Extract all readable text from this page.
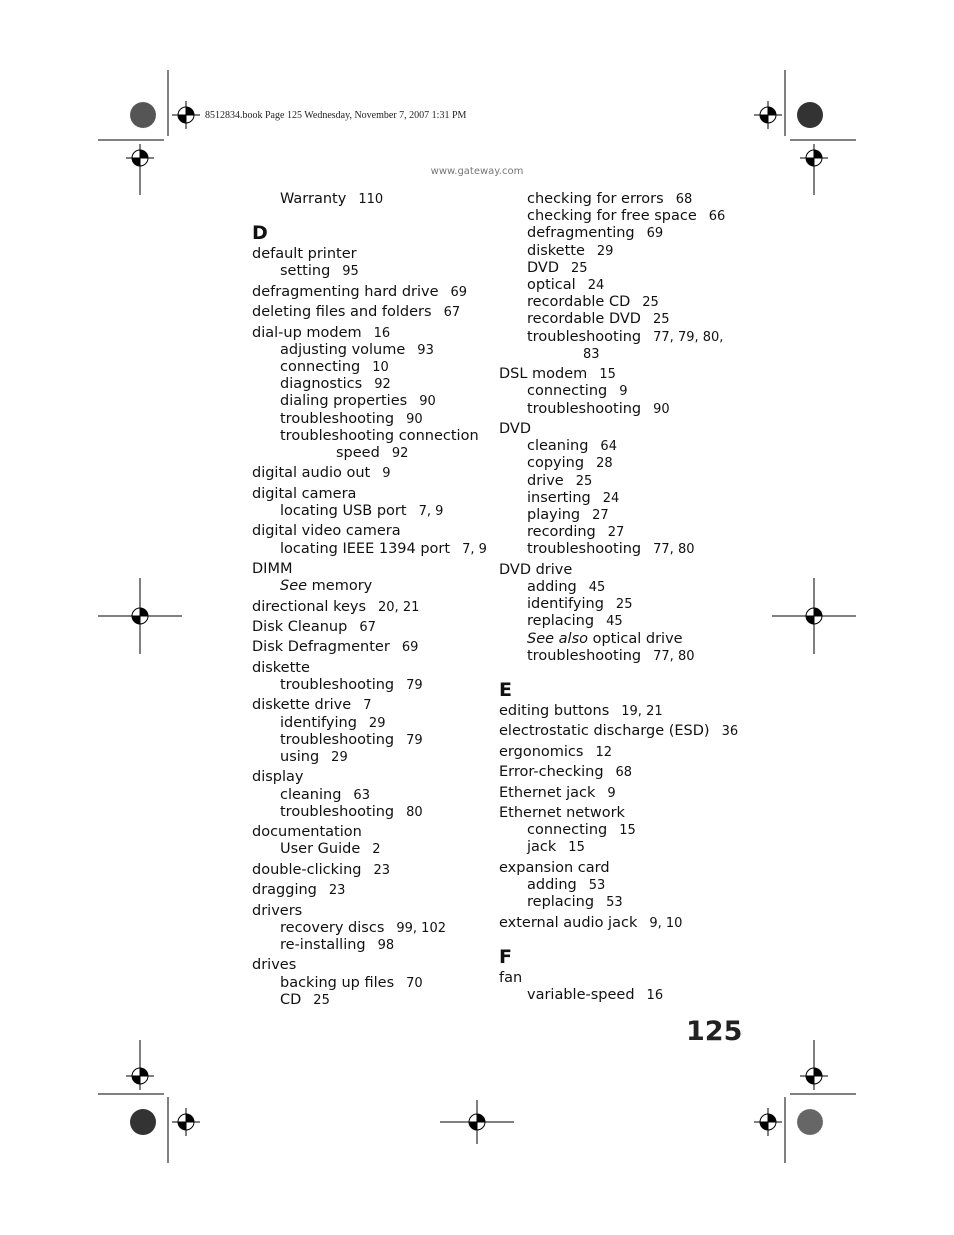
8512834.book Page 125 Wednesday, November 7, 2007 1:31 PM
www.gateway.com
Warranty 110
D
default printer
setting 95
defragmenting hard drive 69
deleting files and folders 67
dial-up modem 16
adjusting volume 93
connecting 10
diagnostics 92
dialing properties 90
troubleshooting 90
troubleshooting connection
speed 92
digital audio out 9
digital camera
locating USB port 7, 9
digital video camera
locating IEEE 1394 port 7, 9
DIMM
See memory
directional keys 20, 21
Disk Cleanup 67
Disk Defragmenter 69
diskette
troubleshooting 79
diskette drive 7
identifying 29
troubleshooting 79
using 29
display
cleaning 63
troubleshooting 80
documentation
User Guide 2
double-clicking 23
dragging 23
drivers
recovery discs 99, 102
re-installing 98
drives
backing up files 70
CD 25
checking for errors 68
checking for free space 66
defragmenting 69
diskette 29
DVD 25
optical 24
recordable CD 25
recordable DVD 25
troubleshooting 77, 79, 80,
83
DSL modem 15
connecting 9
troubleshooting 90
DVD
cleaning 64
copying 28
drive 25
inserting 24
playing 27
recording 27
troubleshooting 77, 80
DVD drive
adding 45
identifying 25
replacing 45
See also optical drive
troubleshooting 77, 80
E
editing buttons 19, 21
electrostatic discharge (ESD) 36
ergonomics 12
Error-checking 68
Ethernet jack 9
Ethernet network
connecting 15
jack 15
expansion card
adding 53
replacing 53
external audio jack 9, 10
F
fan
variable-speed 16
125
